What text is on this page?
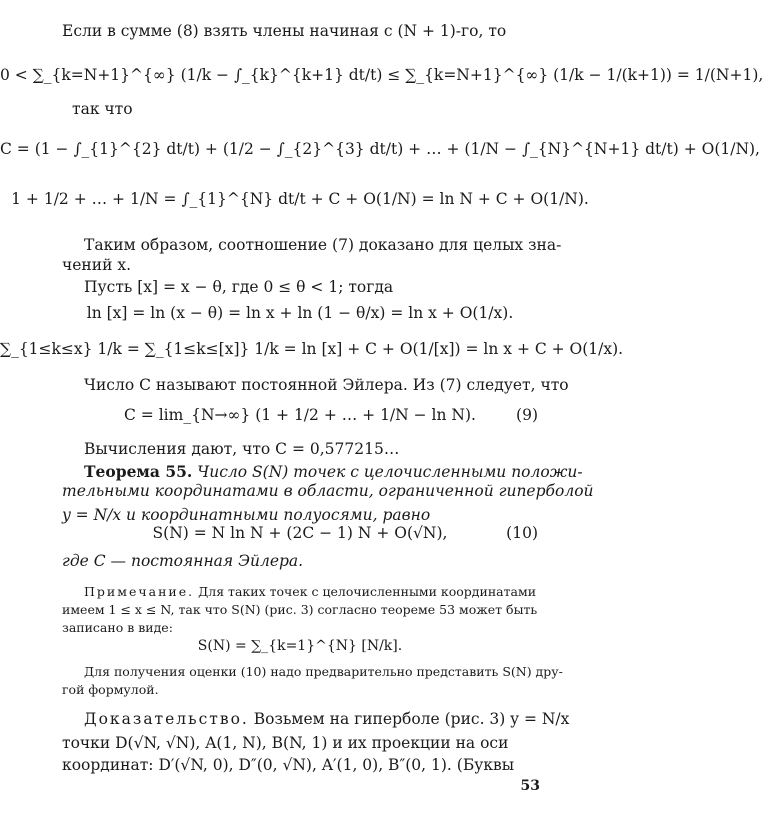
Если в сумме (8) взять члены начиная с (N + 1)-го, то
0 < ∑_{k=N+1}^{∞} (1/k − ∫_{k}^{k+1} dt/t) ≤ ∑_{k=N+1}^{∞} (1/k − 1/(k+1)) = 1/(N+1),
так что
C = (1 − ∫_{1}^{2} dt/t) + (1/2 − ∫_{2}^{3} dt/t) + … + (1/N − ∫_{N}^{N+1} dt/t) + O(1/N),
1 + 1/2 + … + 1/N = ∫_{1}^{N} dt/t + C + O(1/N) = ln N + C + O(1/N).
Таким образом, соотношение (7) доказано для целых зна-
чений x.
Пусть [x] = x − θ, где 0 ≤ θ < 1; тогда
ln [x] = ln (x − θ) = ln x + ln (1 − θ/x) = ln x + O(1/x).
∑_{1≤k≤x} 1/k = ∑_{1≤k≤[x]} 1/k = ln [x] + C + O(1/[x]) = ln x + C + O(1/x).
Число C называют постоянной Эйлера. Из (7) следует, что
C = lim_{N→∞} (1 + 1/2 + … + 1/N − ln N).	(9)
Вычисления дают, что C = 0,577215…
Теорема 55. Число S(N) точек с целочисленными положи-
тельными координатами в области, ограниченной гиперболой
y = N/x и координатными полуосями, равно
S(N) = N ln N + (2C − 1) N + O(√N),	(10)
где C — постоянная Эйлера.
Примечание. Для таких точек с целочисленными координатами
имеем 1 ≤ x ≤ N, так что S(N) (рис. 3) согласно теореме 53 может быть
записано в виде:
S(N) = ∑_{k=1}^{N} [N/k].
Для получения оценки (10) надо предварительно представить S(N) дру-
гой формулой.
Доказательство. Возьмем на гиперболе (рис. 3) y = N/x
точки D(√N, √N), A(1, N), B(N, 1) и их проекции на оси
координат: D′(√N, 0), D″(0, √N), A′(1, 0), B″(0, 1). (Буквы
53
